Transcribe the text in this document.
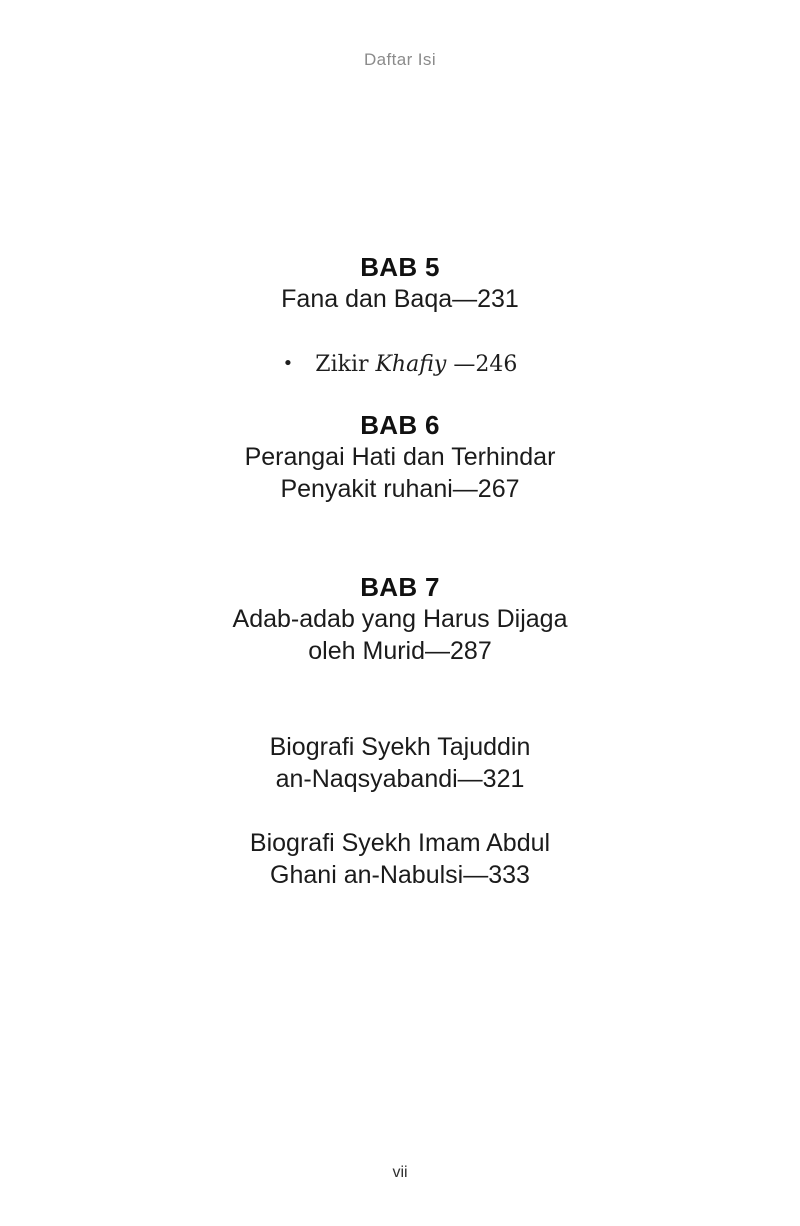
Daftar Isi
BAB 5
Fana dan Baqa—231
• Zikir Khafiy —246
BAB 6
Perangai Hati dan Terhindar
Penyakit ruhani—267
BAB 7
Adab-adab yang Harus Dijaga
oleh Murid—287
Biografi Syekh Tajuddin
an-Naqsyabandi—321
Biografi Syekh Imam Abdul
Ghani an-Nabulsi—333
vii
